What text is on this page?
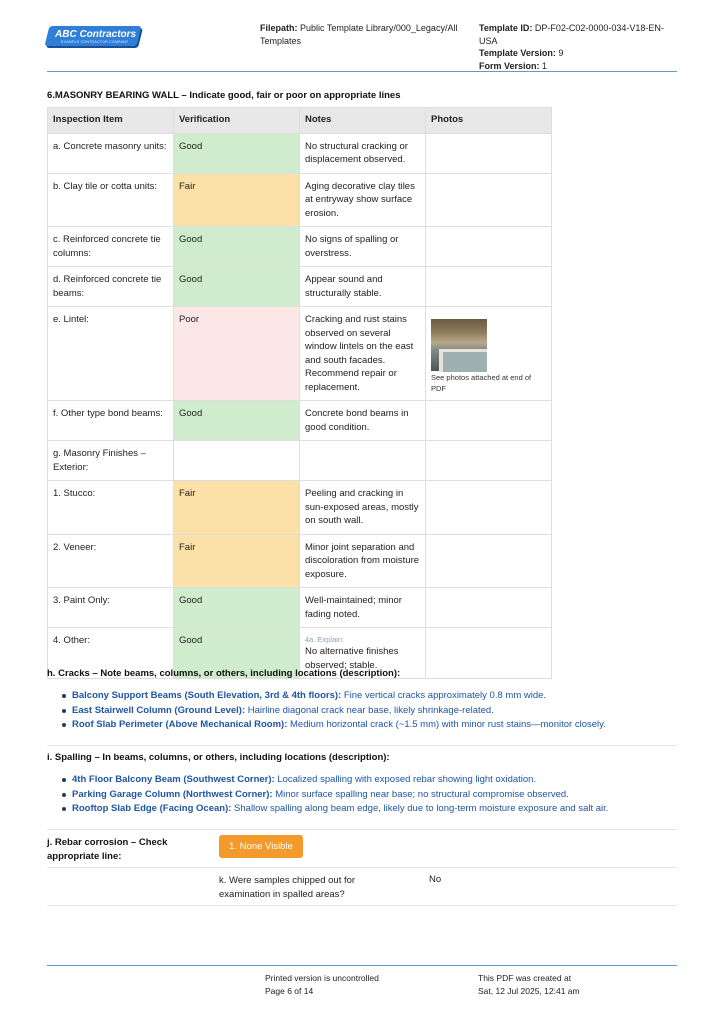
ABC Contractors
EXAMPLE CONTRACTOR COMPANY
Filepath: Public Template Library/000_Legacy/All Templates
Template ID: DP-F02-C02-0000-034-V18-EN-USA
Template Version: 9
Form Version: 1
6.MASONRY BEARING WALL – Indicate good, fair or poor on appropriate lines
Inspection Item	Verification	Notes	Photos
a. Concrete masonry units:	Good	No structural cracking or displacement observed.	
b. Clay tile or cotta units:	Fair	Aging decorative clay tiles at entryway show surface erosion.	
c. Reinforced concrete tie columns:	Good	No signs of spalling or overstress.	
d. Reinforced concrete tie beams:	Good	Appear sound and structurally stable.	
e. Lintel:	Poor	Cracking and rust stains observed on several window lintels on the east and south facades. Recommend repair or replacement.	See photos attached at end of PDF

f. Other type bond beams:	Good	Concrete bond beams in good condition.	
g. Masonry Finishes – Exterior:			
1. Stucco:	Fair	Peeling and cracking in sun-exposed areas, mostly on south wall.	
2. Veneer:	Fair	Minor joint separation and discoloration from moisture exposure.	
3. Paint Only:	Good	Well-maintained; minor fading noted.	
4. Other:	Good	4a. Explain:
No alternative finishes observed; stable.	

h. Cracks – Note beams, columns, or others, including locations (description):
Balcony Support Beams (South Elevation, 3rd & 4th floors): Fine vertical cracks approximately 0.8 mm wide.
East Stairwell Column (Ground Level): Hairline diagonal crack near base, likely shrinkage-related.
Roof Slab Perimeter (Above Mechanical Room): Medium horizontal crack (~1.5 mm) with minor rust stains—monitor closely.
i. Spalling – In beams, columns, or others, including locations (description):
4th Floor Balcony Beam (Southwest Corner): Localized spalling with exposed rebar showing light oxidation.
Parking Garage Column (Northwest Corner): Minor surface spalling near base; no structural compromise observed.
Rooftop Slab Edge (Facing Ocean): Shallow spalling along beam edge, likely due to long-term moisture exposure and salt air.
j. Rebar corrosion – Check appropriate line:
1. None Visible
k. Were samples chipped out for examination in spalled areas?
No
Printed version is uncontrolled
Page 6 of 14
This PDF was created at
Sat, 12 Jul 2025, 12:41 am
